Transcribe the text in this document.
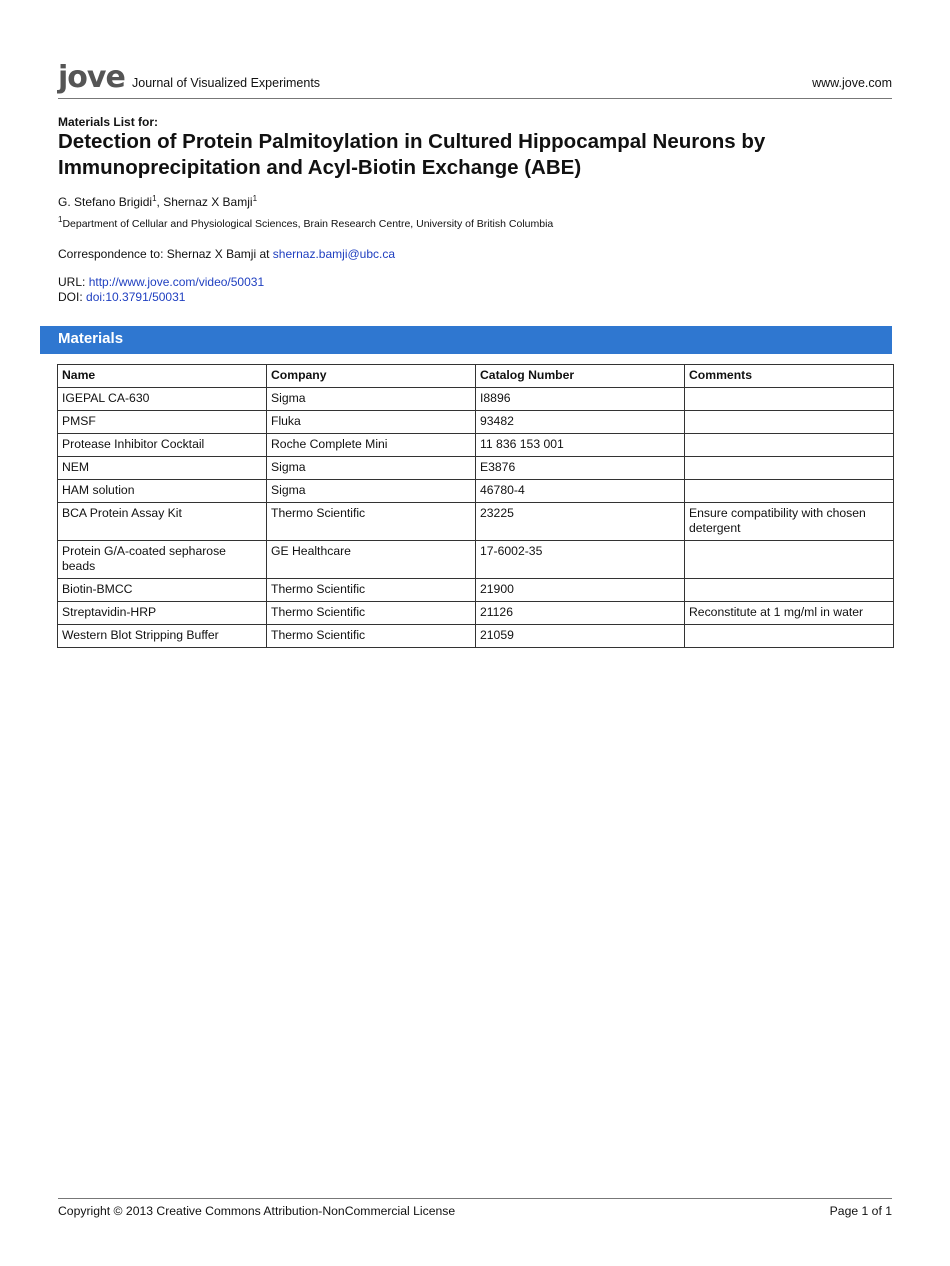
jove Journal of Visualized Experiments	www.jove.com
Materials List for:
Detection of Protein Palmitoylation in Cultured Hippocampal Neurons by Immunoprecipitation and Acyl-Biotin Exchange (ABE)
G. Stefano Brigidi$^1$, Shernaz X Bamji$^1$
$^1$Department of Cellular and Physiological Sciences, Brain Research Centre, University of British Columbia
Correspondence to: Shernaz X Bamji at shernaz.bamji@ubc.ca
URL: http://www.jove.com/video/50031
DOI: doi:10.3791/50031
Materials
Name	Company	Catalog Number	Comments
IGEPAL CA-630	Sigma	I8896	
PMSF	Fluka	93482	
Protease Inhibitor Cocktail	Roche Complete Mini	11 836 153 001	
NEM	Sigma	E3876	
HAM solution	Sigma	46780-4	
BCA Protein Assay Kit	Thermo Scientific	23225	Ensure compatibility with chosen detergent
Protein G/A-coated sepharose beads	GE Healthcare	17-6002-35	
Biotin-BMCC	Thermo Scientific	21900	
Streptavidin-HRP	Thermo Scientific	21126	Reconstitute at 1 mg/ml in water
Western Blot Stripping Buffer	Thermo Scientific	21059	
Copyright © 2013 Creative Commons Attribution-NonCommercial License	Page 1 of 1
